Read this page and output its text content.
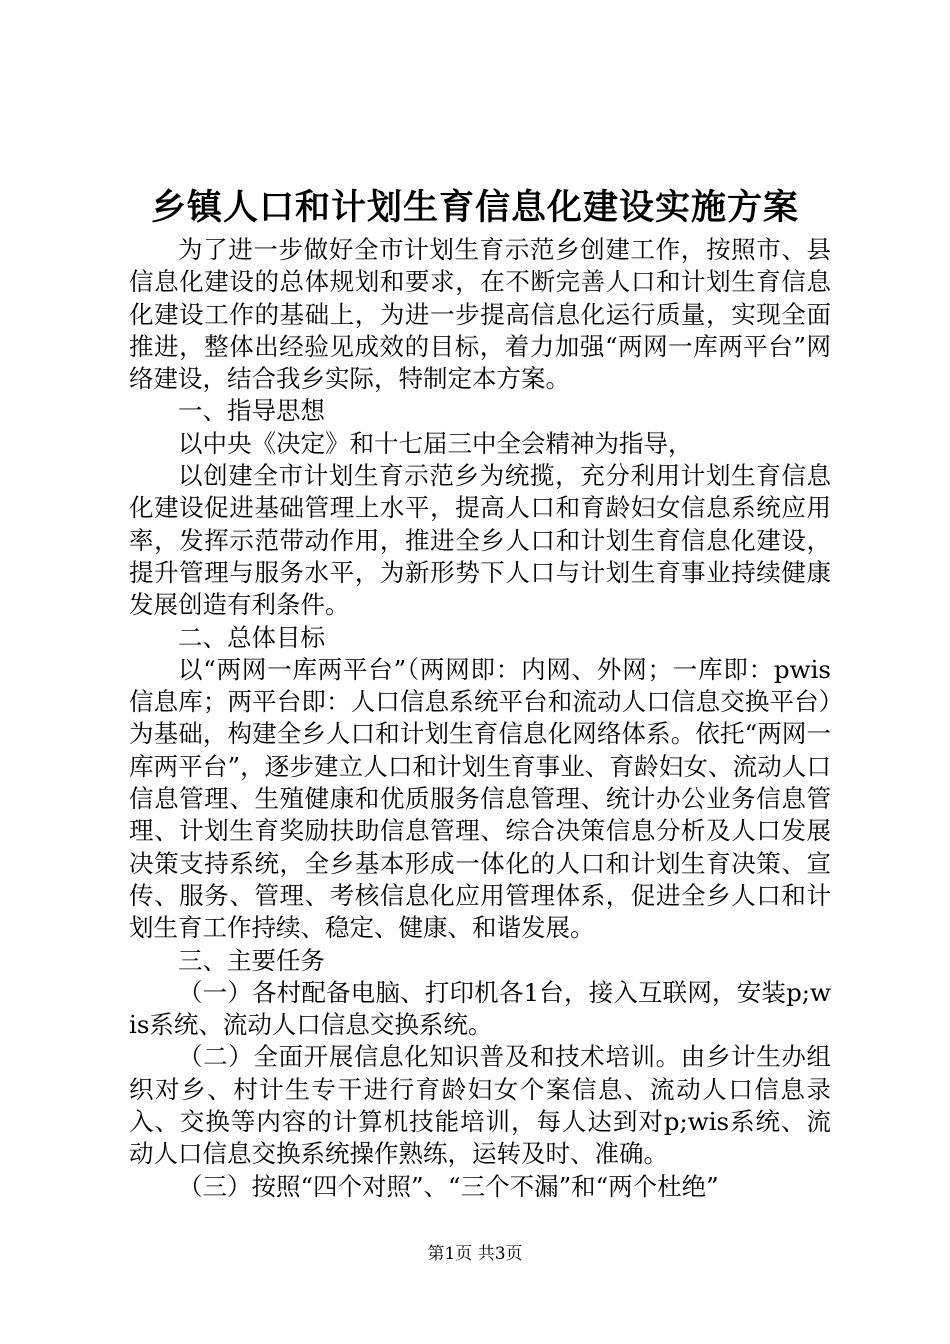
乡镇人口和计划生育信息化建设实施方案

为了进一步做好全市计划生育示范乡创建工作，按照市、县信息化建设的总体规划和要求，在不断完善人口和计划生育信息化建设工作的基础上，为进一步提高信息化运行质量，实现全面推进，整体出经验见成效的目标，着力加强“两网一库两平台”网络建设，结合我乡实际，特制定本方案。

一、指导思想

以中央《决定》和十七届三中全会精神为指导，

以创建全市计划生育示范乡为统揽，充分利用计划生育信息化建设促进基础管理上水平，提高人口和育龄妇女信息系统应用率，发挥示范带动作用，推进全乡人口和计划生育信息化建设，提升管理与服务水平，为新形势下人口与计划生育事业持续健康发展创造有利条件。

二、总体目标

以“两网一库两平台”（两网即：内网、外网；一库即：pwis信息库；两平台即：人口信息系统平台和流动人口信息交换平台）为基础，构建全乡人口和计划生育信息化网络体系。依托“两网一库两平台”，逐步建立人口和计划生育事业、育龄妇女、流动人口信息管理、生殖健康和优质服务信息管理、统计办公业务信息管理、计划生育奖励扶助信息管理、综合决策信息分析及人口发展决策支持系统，全乡基本形成一体化的人口和计划生育决策、宣传、服务、管理、考核信息化应用管理体系，促进全乡人口和计划生育工作持续、稳定、健康、和谐发展。

三、主要任务

（一）各村配备电脑、打印机各1台，接入互联网，安装p;wis系统、流动人口信息交换系统。

（二）全面开展信息化知识普及和技术培训。由乡计生办组织对乡、村计生专干进行育龄妇女个案信息、流动人口信息录入、交换等内容的计算机技能培训，每人达到对p;wis系统、流动人口信息交换系统操作熟练，运转及时、准确。

（三）按照“四个对照”、“三个不漏”和“两个杜绝”

第1页 共3页
